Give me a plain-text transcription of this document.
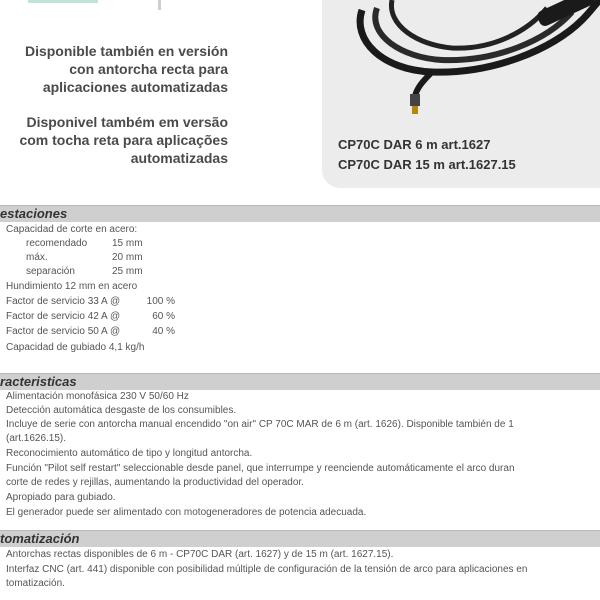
Disponible también en versión
con antorcha recta para
aplicaciones automatizadas
Disponivel também em versão
com tocha reta para aplicações
automatizadas
CP70C DAR 6 m art.1627
CP70C DAR 15 m art.1627.15
estaciones
Capacidad de corte en acero:
recomendado 15 mm
máx.	20 mm
separación	25 mm
Hundimiento 12 mm en acero
Factor de servicio 33 A @	100 %
Factor de servicio 42 A @	60 %
Factor de servicio 50 A @	40 %
Capacidad de gubiado 4,1 kg/h
racteristicas
Alimentación monofásica 230 V 50/60 Hz
Detección automática desgaste de los consumibles.
Incluye de serie con antorcha manual encendido "on air" CP 70C MAR de 6 m (art. 1626). Disponible también de 1
(art.1626.15).
Reconocimiento automático de tipo y longitud antorcha.
Función "Pilot self restart" seleccionable desde panel, que interrumpe y reenciende automáticamente el arco duran
corte de redes y rejillas, aumentando la productividad del operador.
Apropiado para gubiado.
El generador puede ser alimentado con motogeneradores de potencia adecuada.
tomatización
Antorchas rectas disponibles de 6 m - CP70C DAR (art. 1627) y de 15 m (art. 1627.15).
Interfaz CNC (art. 441) disponible con posibilidad múltiple de configuración de la tensión de arco para aplicaciones en
tomatización.
